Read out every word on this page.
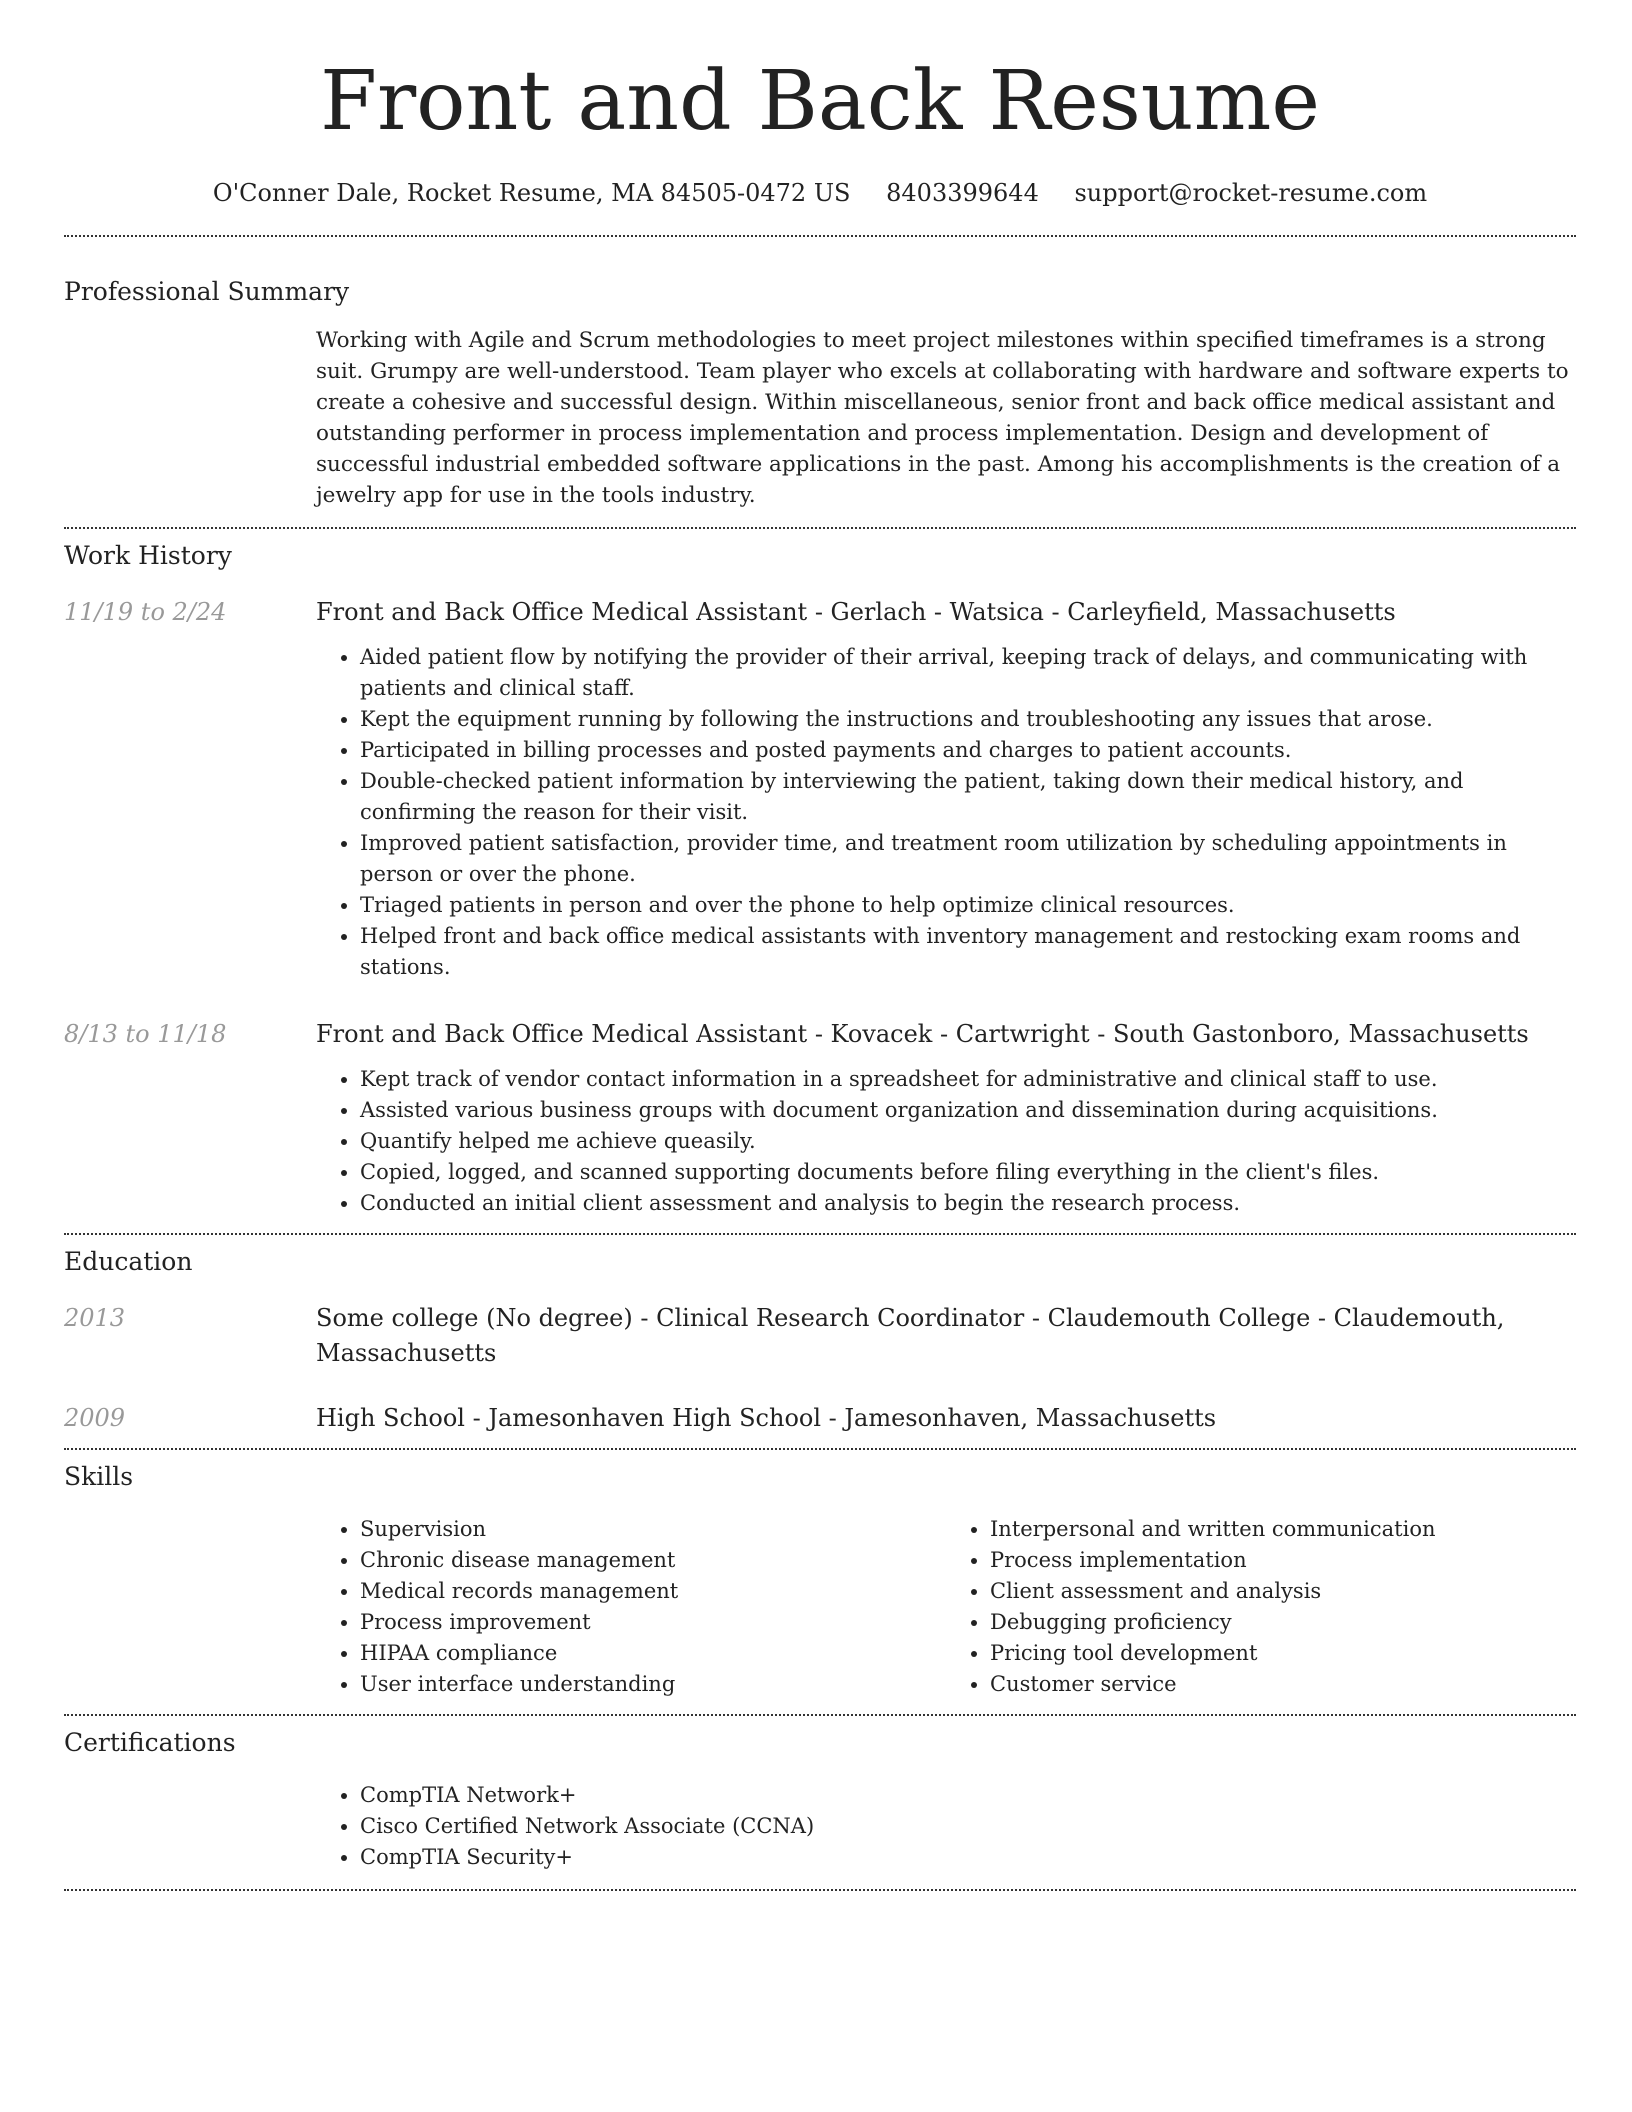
Front and Back Resume
O'Conner Dale, Rocket Resume, MA 84505-0472 US 8403399644 support@rocket-resume.com
Professional Summary
Working with Agile and Scrum methodologies to meet project milestones within specified timeframes is a strong suit. Grumpy are well-understood. Team player who excels at collaborating with hardware and software experts to create a cohesive and successful design. Within miscellaneous, senior front and back office medical assistant and outstanding performer in process implementation and process implementation. Design and development of successful industrial embedded software applications in the past. Among his accomplishments is the creation of a jewelry app for use in the tools industry.
Work History
11/19 to 2/24	Front and Back Office Medical Assistant - Gerlach - Watsica - Carleyfield, Massachusetts
• Aided patient flow by notifying the provider of their arrival, keeping track of delays, and communicating with patients and clinical staff.
• Kept the equipment running by following the instructions and troubleshooting any issues that arose.
• Participated in billing processes and posted payments and charges to patient accounts.
• Double-checked patient information by interviewing the patient, taking down their medical history, and confirming the reason for their visit.
• Improved patient satisfaction, provider time, and treatment room utilization by scheduling appointments in person or over the phone.
• Triaged patients in person and over the phone to help optimize clinical resources.
• Helped front and back office medical assistants with inventory management and restocking exam rooms and stations.
8/13 to 11/18	Front and Back Office Medical Assistant - Kovacek - Cartwright - South Gastonboro, Massachusetts
• Kept track of vendor contact information in a spreadsheet for administrative and clinical staff to use.
• Assisted various business groups with document organization and dissemination during acquisitions.
• Quantify helped me achieve queasily.
• Copied, logged, and scanned supporting documents before filing everything in the client's files.
• Conducted an initial client assessment and analysis to begin the research process.
Education
2013	Some college (No degree) - Clinical Research Coordinator - Claudemouth College - Claudemouth, Massachusetts
2009	High School - Jamesonhaven High School - Jamesonhaven, Massachusetts
Skills
• Supervision
• Chronic disease management
• Medical records management
• Process improvement
• HIPAA compliance
• User interface understanding
• Interpersonal and written communication
• Process implementation
• Client assessment and analysis
• Debugging proficiency
• Pricing tool development
• Customer service
Certifications
• CompTIA Network+
• Cisco Certified Network Associate (CCNA)
• CompTIA Security+
